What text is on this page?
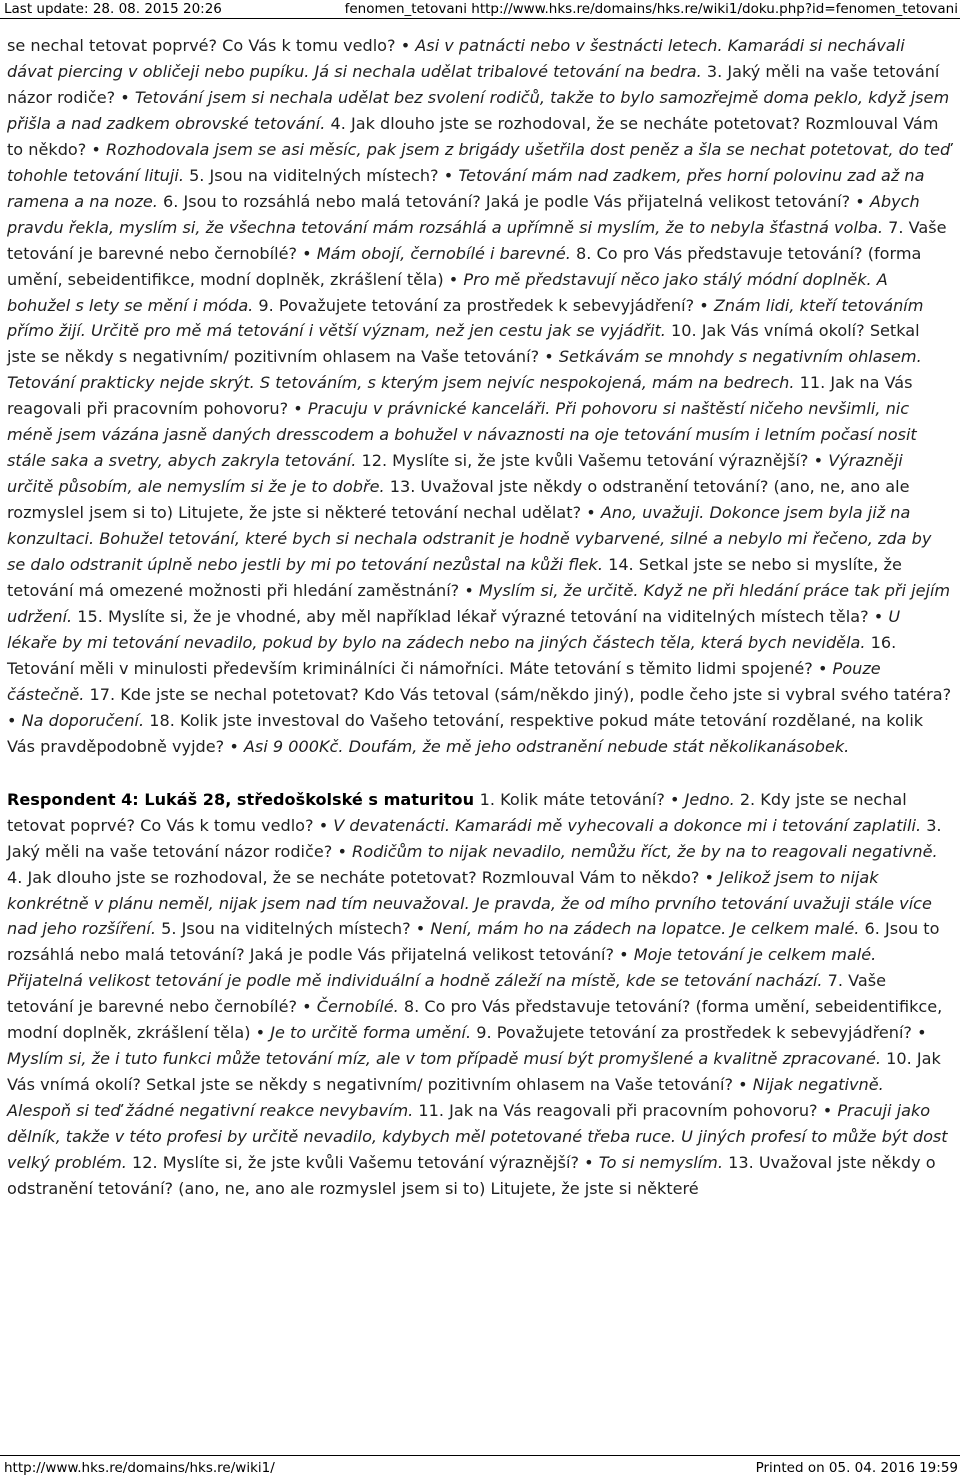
Last update: 28. 08. 2015 20:26	fenomen_tetovani http://www.hks.re/domains/hks.re/wiki1/doku.php?id=fenomen_tetovani

se nechal tetovat poprvé? Co Vás k tomu vedlo? • Asi v patnácti nebo v šestnácti letech. Kamarádi si nechávali dávat piercing v obličeji nebo pupíku. Já si nechala udělat tribalové tetování na bedra. 3. Jaký měli na vaše tetování názor rodiče? • Tetování jsem si nechala udělat bez svolení rodičů, takže to bylo samozřejmě doma peklo, když jsem přišla a nad zadkem obrovské tetování. 4. Jak dlouho jste se rozhodoval, že se necháte potetovat? Rozmlouval Vám to někdo? • Rozhodovala jsem se asi měsíc, pak jsem z brigády ušetřila dost peněz a šla se nechat potetovat, do teď tohohle tetování lituji. 5. Jsou na viditelných místech? • Tetování mám nad zadkem, přes horní polovinu zad až na ramena a na noze. 6. Jsou to rozsáhlá nebo malá tetování? Jaká je podle Vás přijatelná velikost tetování? • Abych pravdu řekla, myslím si, že všechna tetování mám rozsáhlá a upřímně si myslím, že to nebyla šťastná volba. 7. Vaše tetování je barevné nebo černobílé? • Mám obojí, černobílé i barevné. 8. Co pro Vás představuje tetování? (forma umění, sebeidentifikce, modní doplněk, zkrášlení těla) • Pro mě představují něco jako stálý módní doplněk. A bohužel s lety se mění i móda. 9. Považujete tetování za prostředek k sebevyjádření? • Znám lidi, kteří tetováním přímo žijí. Určitě pro mě má tetování i větší význam, než jen cestu jak se vyjádřit. 10. Jak Vás vnímá okolí? Setkal jste se někdy s negativním/ pozitivním ohlasem na Vaše tetování? • Setkávám se mnohdy s negativním ohlasem. Tetování prakticky nejde skrýt. S tetováním, s kterým jsem nejvíc nespokojená, mám na bedrech. 11. Jak na Vás reagovali při pracovním pohovoru? • Pracuju v právnické kanceláři. Při pohovoru si naštěstí ničeho nevšimli, nic méně jsem vázána jasně daných dresscodem a bohužel v návaznosti na oje tetování musím i letním počasí nosit stále saka a svetry, abych zakryla tetování. 12. Myslíte si, že jste kvůli Vašemu tetování výraznější? • Výrazněji určitě působím, ale nemyslím si že je to dobře. 13. Uvažoval jste někdy o odstranění tetování? (ano, ne, ano ale rozmyslel jsem si to) Litujete, že jste si některé tetování nechal udělat? • Ano, uvažuji. Dokonce jsem byla již na konzultaci. Bohužel tetování, které bych si nechala odstranit je hodně vybarvené, silné a nebylo mi řečeno, zda by se dalo odstranit úplně nebo jestli by mi po tetování nezůstal na kůži flek. 14. Setkal jste se nebo si myslíte, že tetování má omezené možnosti při hledání zaměstnání? • Myslím si, že určitě. Když ne při hledání práce tak při jejím udržení. 15. Myslíte si, že je vhodné, aby měl například lékař výrazné tetování na viditelných místech těla? • U lékaře by mi tetování nevadilo, pokud by bylo na zádech nebo na jiných částech těla, která bych neviděla. 16. Tetování měli v minulosti především kriminálníci či námořníci. Máte tetování s těmito lidmi spojené? • Pouze částečně. 17. Kde jste se nechal potetovat? Kdo Vás tetoval (sám/někdo jiný), podle čeho jste si vybral svého tatéra? • Na doporučení. 18. Kolik jste investoval do Vašeho tetování, respektive pokud máte tetování rozdělané, na kolik Vás pravděpodobně vyjde? • Asi 9 000Kč. Doufám, že mě jeho odstranění nebude stát několikanásobek.

Respondent 4: Lukáš 28, středoškolské s maturitou 1. Kolik máte tetování? • Jedno. 2. Kdy jste se nechal tetovat poprvé? Co Vás k tomu vedlo? • V devatenácti. Kamarádi mě vyhecovali a dokonce mi i tetování zaplatili. 3. Jaký měli na vaše tetování názor rodiče? • Rodičům to nijak nevadilo, nemůžu říct, že by na to reagovali negativně. 4. Jak dlouho jste se rozhodoval, že se necháte potetovat? Rozmlouval Vám to někdo? • Jelikož jsem to nijak konkrétně v plánu neměl, nijak jsem nad tím neuvažoval. Je pravda, že od mího prvního tetování uvažuji stále více nad jeho rozšíření. 5. Jsou na viditelných místech? • Není, mám ho na zádech na lopatce. Je celkem malé. 6. Jsou to rozsáhlá nebo malá tetování? Jaká je podle Vás přijatelná velikost tetování? • Moje tetování je celkem malé. Přijatelná velikost tetování je podle mě individuální a hodně záleží na místě, kde se tetování nachází. 7. Vaše tetování je barevné nebo černobílé? • Černobílé. 8. Co pro Vás představuje tetování? (forma umění, sebeidentifikce, modní doplněk, zkrášlení těla) • Je to určitě forma umění. 9. Považujete tetování za prostředek k sebevyjádření? • Myslím si, že i tuto funkci může tetování míz, ale v tom případě musí být promyšlené a kvalitně zpracované. 10. Jak Vás vnímá okolí? Setkal jste se někdy s negativním/ pozitivním ohlasem na Vaše tetování? • Nijak negativně. Alespoň si teď žádné negativní reakce nevybavím. 11. Jak na Vás reagovali při pracovním pohovoru? • Pracuji jako dělník, takže v této profesi by určitě nevadilo, kdybych měl potetované třeba ruce. U jiných profesí to může být dost velký problém. 12. Myslíte si, že jste kvůli Vašemu tetování výraznější? • To si nemyslím. 13. Uvažoval jste někdy o odstranění tetování? (ano, ne, ano ale rozmyslel jsem si to) Litujete, že jste si některé

http://www.hks.re/domains/hks.re/wiki1/	Printed on 05. 04. 2016 19:59
